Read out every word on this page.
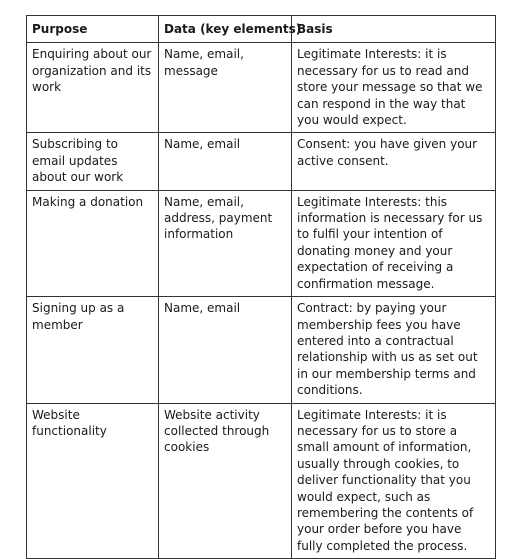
Purpose	Data (key elements)	Basis
Enquiring about our organization and its work	Name, email, message	Legitimate Interests: it is necessary for us to read and store your message so that we can respond in the way that you would expect.
Subscribing to email updates about our work	Name, email	Consent: you have given your active consent.
Making a donation	Name, email, address, payment information	Legitimate Interests: this information is necessary for us to fulfil your intention of donating money and your expectation of receiving a confirmation message.
Signing up as a member	Name, email	Contract: by paying your membership fees you have entered into a contractual relationship with us as set out in our membership terms and conditions.
Website functionality	Website activity collected through cookies	Legitimate Interests: it is necessary for us to store a small amount of information, usually through cookies, to deliver functionality that you would expect, such as remembering the contents of your order before you have fully completed the process.
